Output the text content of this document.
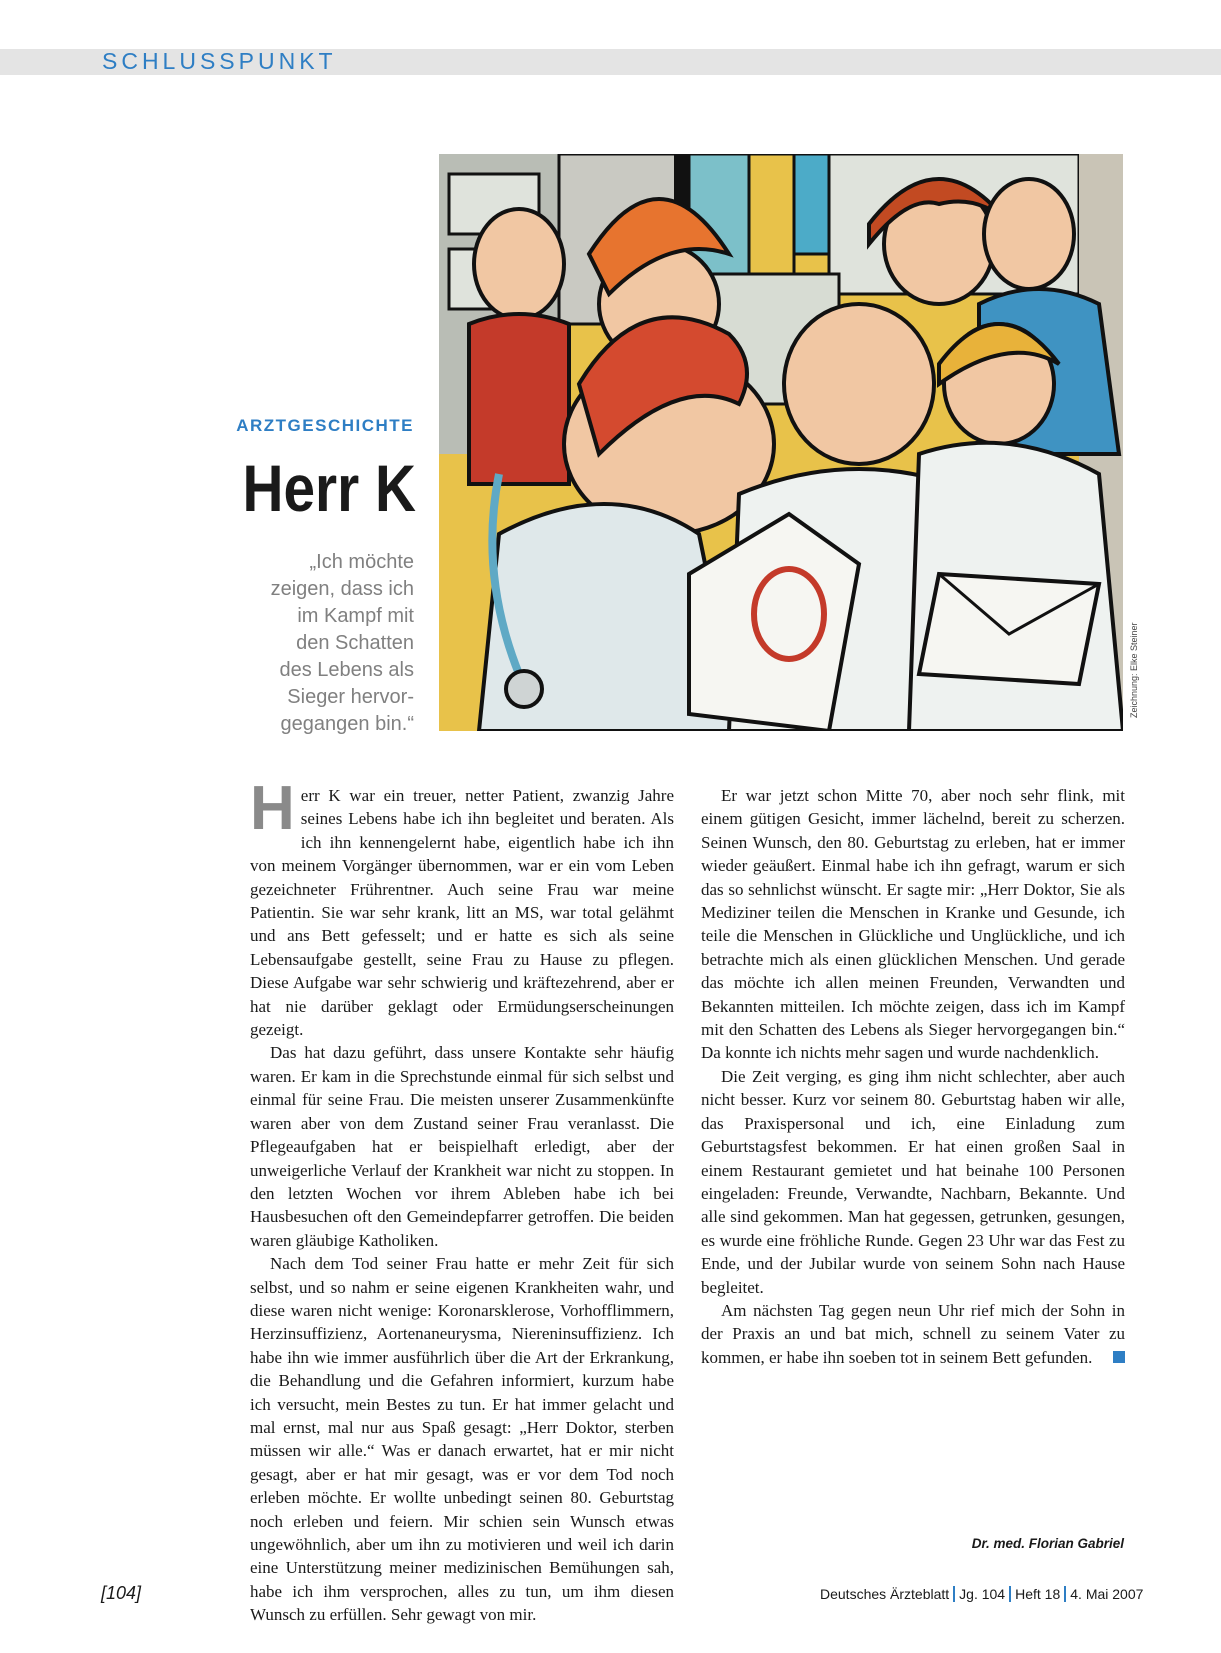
SCHLUSSPUNKT
ARZTGESCHICHTE
Herr K

„Ich möchte
zeigen, dass ich
im Kampf mit
den Schatten
des Lebens als
Sieger hervor-
gegangen bin.“

Zeichnung: Elke Steiner

Herr K war ein treuer, netter Patient, zwanzig Jahre seines Lebens habe ich ihn begleitet und beraten. Als ich ihn kennengelernt habe, eigentlich habe ich ihn von meinem Vorgänger übernommen, war er ein vom Leben gezeichneter Frührentner. Auch seine Frau war meine Patientin. Sie war sehr krank, litt an MS, war total gelähmt und ans Bett gefesselt; und er hatte es sich als seine Lebensaufgabe gestellt, seine Frau zu Hause zu pflegen. Diese Aufgabe war sehr schwierig und kräftezehrend, aber er hat nie darüber geklagt oder Ermüdungserscheinungen gezeigt.

Das hat dazu geführt, dass unsere Kontakte sehr häufig waren. Er kam in die Sprechstunde einmal für sich selbst und einmal für seine Frau. Die meisten unserer Zusammenkünfte waren aber von dem Zustand seiner Frau veranlasst. Die Pflegeaufgaben hat er beispielhaft erledigt, aber der unweigerliche Verlauf der Krankheit war nicht zu stoppen. In den letzten Wochen vor ihrem Ableben habe ich bei Hausbesuchen oft den Gemeindepfarrer getroffen. Die beiden waren gläubige Katholiken.

Nach dem Tod seiner Frau hatte er mehr Zeit für sich selbst, und so nahm er seine eigenen Krankheiten wahr, und diese waren nicht wenige: Koronarsklerose, Vorhofflimmern, Herzinsuffizienz, Aortenaneurysma, Niereninsuffizienz. Ich habe ihn wie immer ausführlich über die Art der Erkrankung, die Behandlung und die Gefahren informiert, kurzum habe ich versucht, mein Bestes zu tun. Er hat immer gelacht und mal ernst, mal nur aus Spaß gesagt: „Herr Doktor, sterben müssen wir alle.“ Was er danach erwartet, hat er mir nicht gesagt, aber er hat mir gesagt, was er vor dem Tod noch erleben möchte. Er wollte unbedingt seinen 80. Geburtstag noch erleben und feiern. Mir schien sein Wunsch etwas ungewöhnlich, aber um ihn zu motivieren und weil ich darin eine Unterstützung meiner medizinischen Bemühungen sah, habe ich ihm versprochen, alles zu tun, um ihm diesen Wunsch zu erfüllen. Sehr gewagt von mir.

Er war jetzt schon Mitte 70, aber noch sehr flink, mit einem gütigen Gesicht, immer lächelnd, bereit zu scherzen. Seinen Wunsch, den 80. Geburtstag zu erleben, hat er immer wieder geäußert. Einmal habe ich ihn gefragt, warum er sich das so sehnlichst wünscht. Er sagte mir: „Herr Doktor, Sie als Mediziner teilen die Menschen in Kranke und Gesunde, ich teile die Menschen in Glückliche und Unglückliche, und ich betrachte mich als einen glücklichen Menschen. Und gerade das möchte ich allen meinen Freunden, Verwandten und Bekannten mitteilen. Ich möchte zeigen, dass ich im Kampf mit den Schatten des Lebens als Sieger hervorgegangen bin.“ Da konnte ich nichts mehr sagen und wurde nachdenklich.

Die Zeit verging, es ging ihm nicht schlechter, aber auch nicht besser. Kurz vor seinem 80. Geburtstag haben wir alle, das Praxispersonal und ich, eine Einladung zum Geburtstagsfest bekommen. Er hat einen großen Saal in einem Restaurant gemietet und hat beinahe 100 Personen eingeladen: Freunde, Verwandte, Nachbarn, Bekannte. Und alle sind gekommen. Man hat gegessen, getrunken, gesungen, es wurde eine fröhliche Runde. Gegen 23 Uhr war das Fest zu Ende, und der Jubilar wurde von seinem Sohn nach Hause begleitet.

Am nächsten Tag gegen neun Uhr rief mich der Sohn in der Praxis an und bat mich, schnell zu seinem Vater zu kommen, er habe ihn soeben tot in seinem Bett gefunden.

Dr. med. Florian Gabriel
[104]	Deutsches Ärzteblatt Jg. 104 Heft 18 4. Mai 2007
